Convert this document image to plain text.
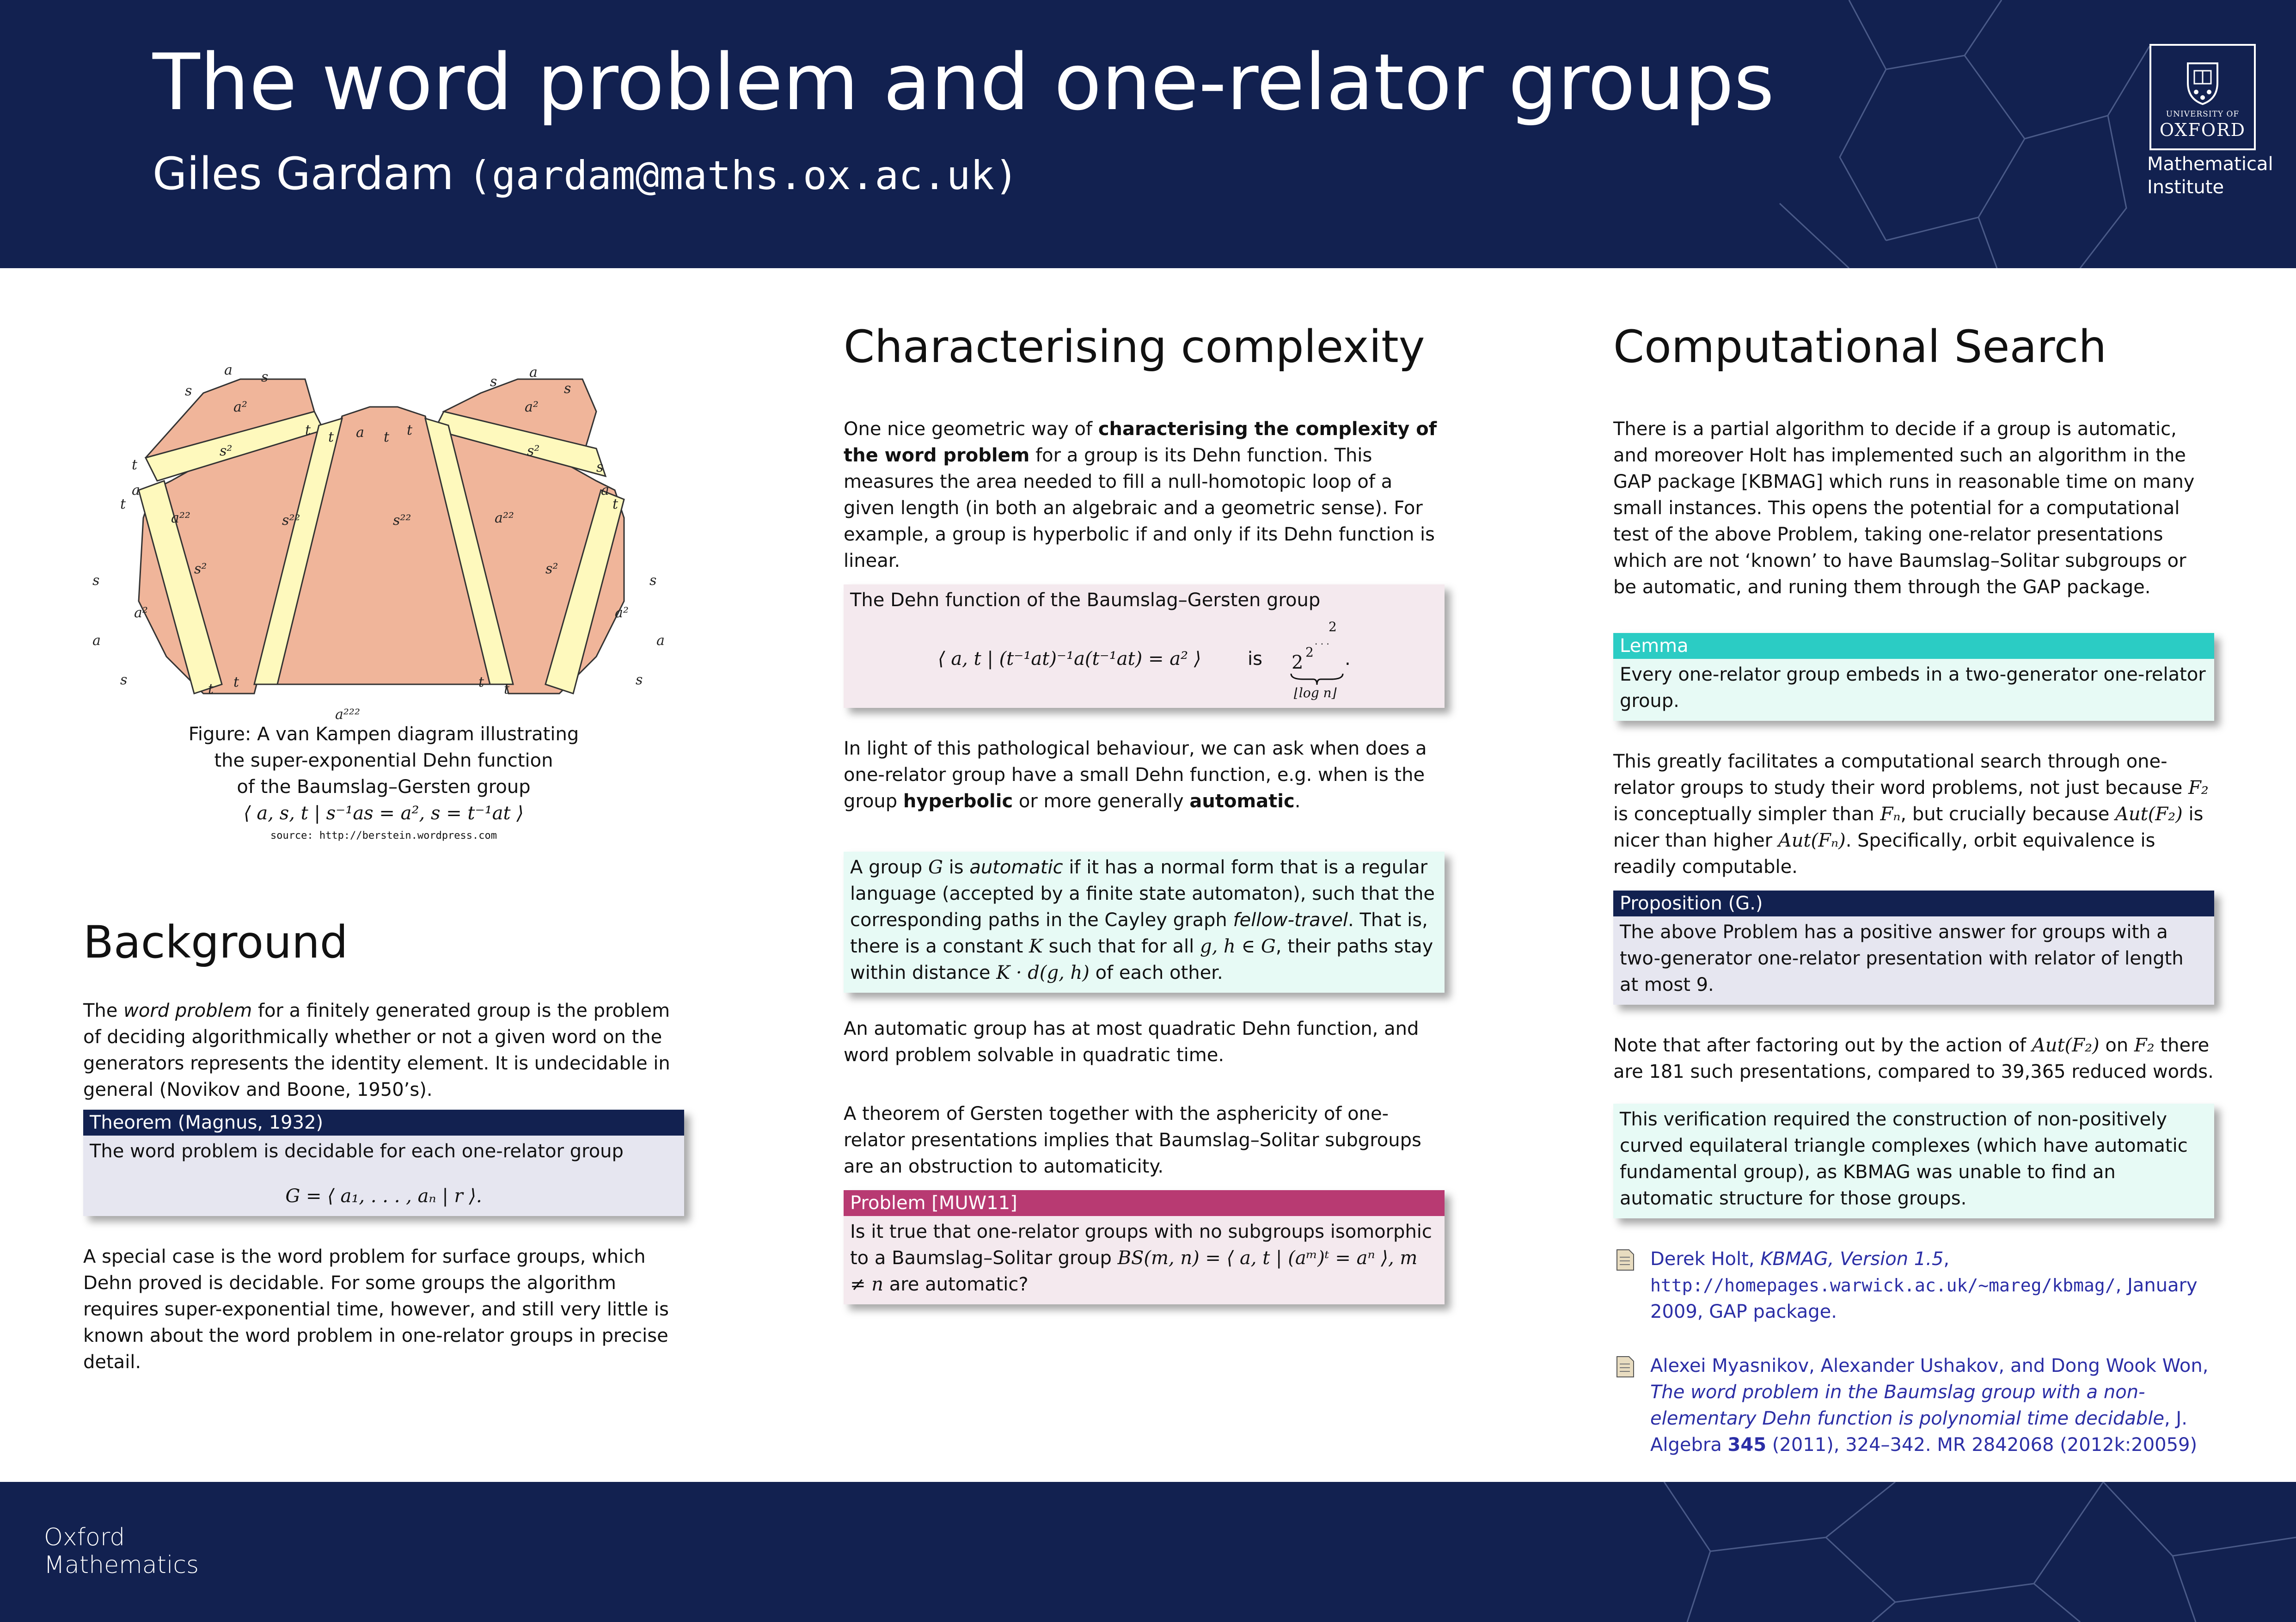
The word problem and one-relator groups
Giles Gardam (gardam@maths.ox.ac.uk)
UNIVERSITY OF
OXFORD
Mathematical
Institute
a
s
s
a²
s²
a²²	s²²	s²²	a²²
s²
a²
a
s	s
s²	s²
a²	a²
a²²²
t t a t t
t
a
t
s
a
t
s
a
s
a
s	s
t t	t t
Figure: A van Kampen diagram illustrating
the super-exponential Dehn function
of the Baumslag–Gersten group
⟨ a, s, t | s⁻¹as = a², s = t⁻¹at ⟩
source: http://berstein.wordpress.com
Background

The word problem for a finitely generated group is the problem of deciding algorithmically whether or not a given word on the generators represents the identity element. It is undecidable in general (Novikov and Boone, 1950’s).

Theorem (Magnus, 1932)
The word problem is decidable for each one-relator group
G = ⟨ a₁, . . . , aₙ | r ⟩.

A special case is the word problem for surface groups, which Dehn proved is decidable. For some groups the algorithm requires super-exponential time, however, and still very little is known about the word problem in one-relator groups in precise detail.

Characterising complexity

One nice geometric way of characterising the complexity of the word problem for a group is its Dehn function. This measures the area needed to fill a null-homotopic loop of a given length (in both an algebraic and a geometric sense). For example, a group is hyperbolic if and only if its Dehn function is linear.

The Dehn function of the Baumslag–Gersten group
⟨ a, t | (t⁻¹at)⁻¹a(t⁻¹at) = a² ⟩	is 2 2
· · ·
2
.
⌊log n⌋

In light of this pathological behaviour, we can ask when does a one-relator group have a small Dehn function, e.g. when is the group hyperbolic or more generally automatic.

A group G is automatic if it has a normal form that is a regular language (accepted by a finite state automaton), such that the corresponding paths in the Cayley graph fellow-travel. That is, there is a constant K such that for all g, h ∈ G, their paths stay within distance K · d(g, h) of each other.

An automatic group has at most quadratic Dehn function, and word problem solvable in quadratic time.

A theorem of Gersten together with the asphericity of one-relator presentations implies that Baumslag–Solitar subgroups are an obstruction to automaticity.

Problem [MUW11]
Is it true that one-relator groups with no subgroups isomorphic to a Baumslag–Solitar group BS(m, n) = ⟨ a, t | (aᵐ)ᵗ = aⁿ ⟩, m ≠ n are automatic?
Computational Search

There is a partial algorithm to decide if a group is automatic, and moreover Holt has implemented such an algorithm in the GAP package [KBMAG] which runs in reasonable time on many small instances. This opens the potential for a computational test of the above Problem, taking one-relator presentations which are not ‘known’ to have Baumslag–Solitar subgroups or be automatic, and runing them through the GAP package.

Lemma
Every one-relator group embeds in a two-generator one-relator group.

This greatly facilitates a computational search through one-relator groups to study their word problems, not just because F₂ is conceptually simpler than Fₙ, but crucially because Aut(F₂) is nicer than higher Aut(Fₙ). Specifically, orbit equivalence is readily computable.

Proposition (G.)
The above Problem has a positive answer for groups with a two-generator one-relator presentation with relator of length at most 9.

Note that after factoring out by the action of Aut(F₂) on F₂ there are 181 such presentations, compared to 39,365 reduced words.

This verification required the construction of non-positively curved equilateral triangle complexes (which have automatic fundamental group), as KBMAG was unable to find an automatic structure for those groups.
Derek Holt, KBMAG, Version 1.5,
http://homepages.warwick.ac.uk/~mareg/kbmag/, January 2009, GAP package.
Alexei Myasnikov, Alexander Ushakov, and Dong Wook Won, The word problem in the Baumslag group with a non-elementary Dehn function is polynomial time decidable, J. Algebra 345 (2011), 324–342. MR 2842068 (2012k:20059)
Oxford
Mathematics
